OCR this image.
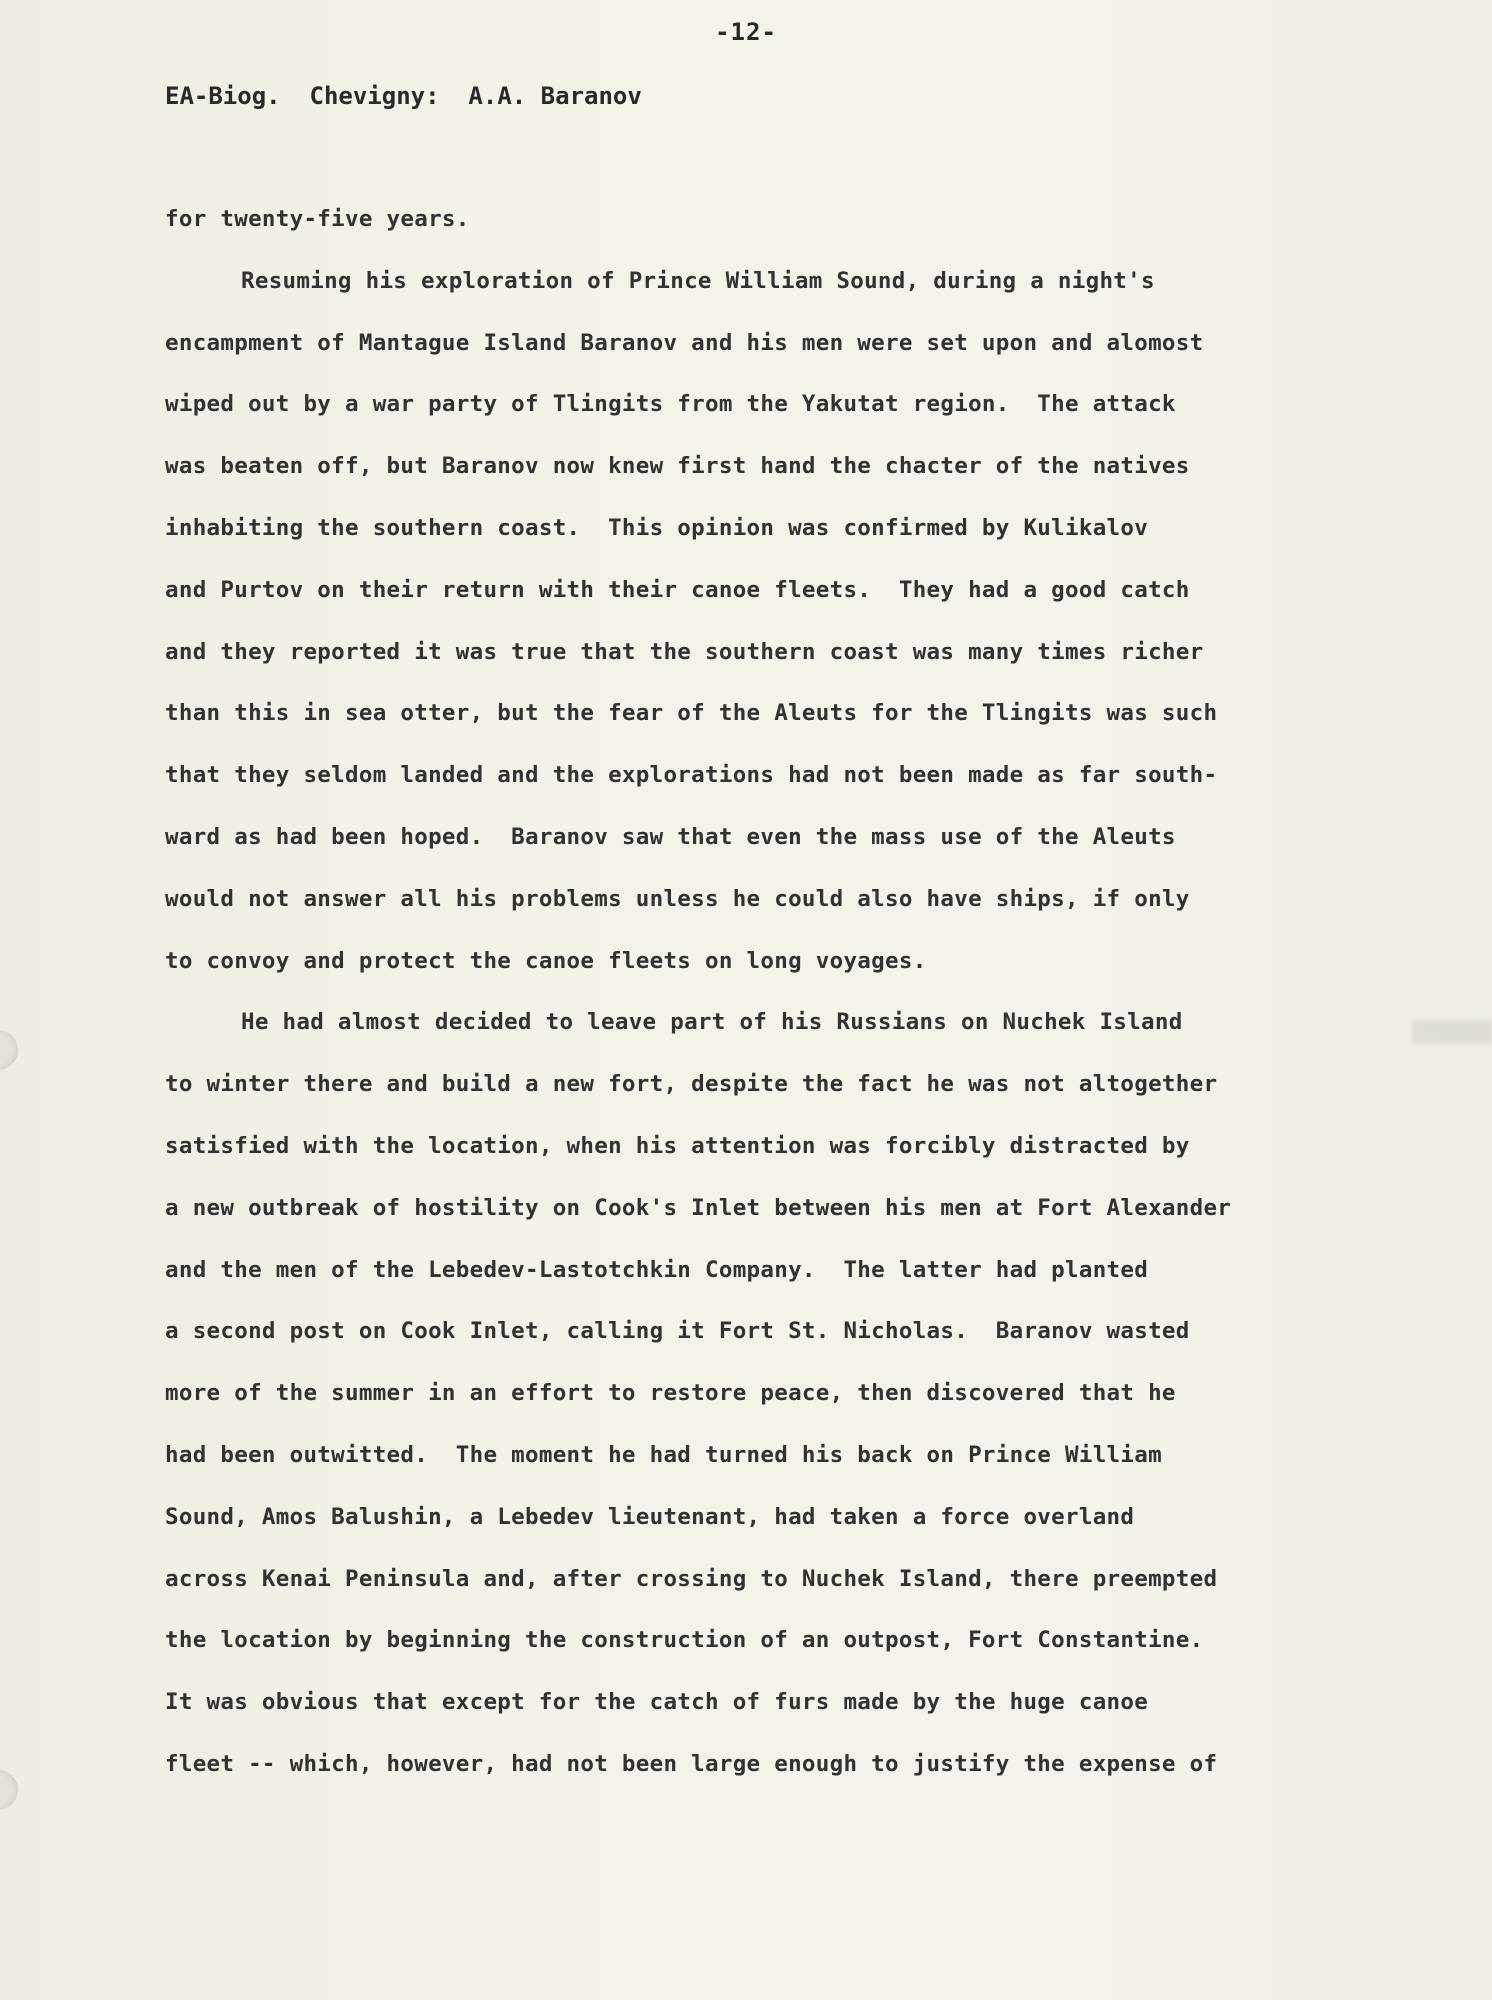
-12-
EA-Biog.  Chevigny:  A.A. Baranov
for twenty-five years.
Resuming his exploration of Prince William Sound, during a night's
encampment of Mantague Island Baranov and his men were set upon and alomost
wiped out by a war party of Tlingits from the Yakutat region.  The attack
was beaten off, but Baranov now knew first hand the chacter of the natives
inhabiting the southern coast.  This opinion was confirmed by Kulikalov
and Purtov on their return with their canoe fleets.  They had a good catch
and they reported it was true that the southern coast was many times richer
than this in sea otter, but the fear of the Aleuts for the Tlingits was such
that they seldom landed and the explorations had not been made as far south-
ward as had been hoped.  Baranov saw that even the mass use of the Aleuts
would not answer all his problems unless he could also have ships, if only
to convoy and protect the canoe fleets on long voyages.
He had almost decided to leave part of his Russians on Nuchek Island
to winter there and build a new fort, despite the fact he was not altogether
satisfied with the location, when his attention was forcibly distracted by
a new outbreak of hostility on Cook's Inlet between his men at Fort Alexander
and the men of the Lebedev-Lastotchkin Company.  The latter had planted
a second post on Cook Inlet, calling it Fort St. Nicholas.  Baranov wasted
more of the summer in an effort to restore peace, then discovered that he
had been outwitted.  The moment he had turned his back on Prince William
Sound, Amos Balushin, a Lebedev lieutenant, had taken a force overland
across Kenai Peninsula and, after crossing to Nuchek Island, there preempted
the location by beginning the construction of an outpost, Fort Constantine.
It was obvious that except for the catch of furs made by the huge canoe
fleet -- which, however, had not been large enough to justify the expense of
